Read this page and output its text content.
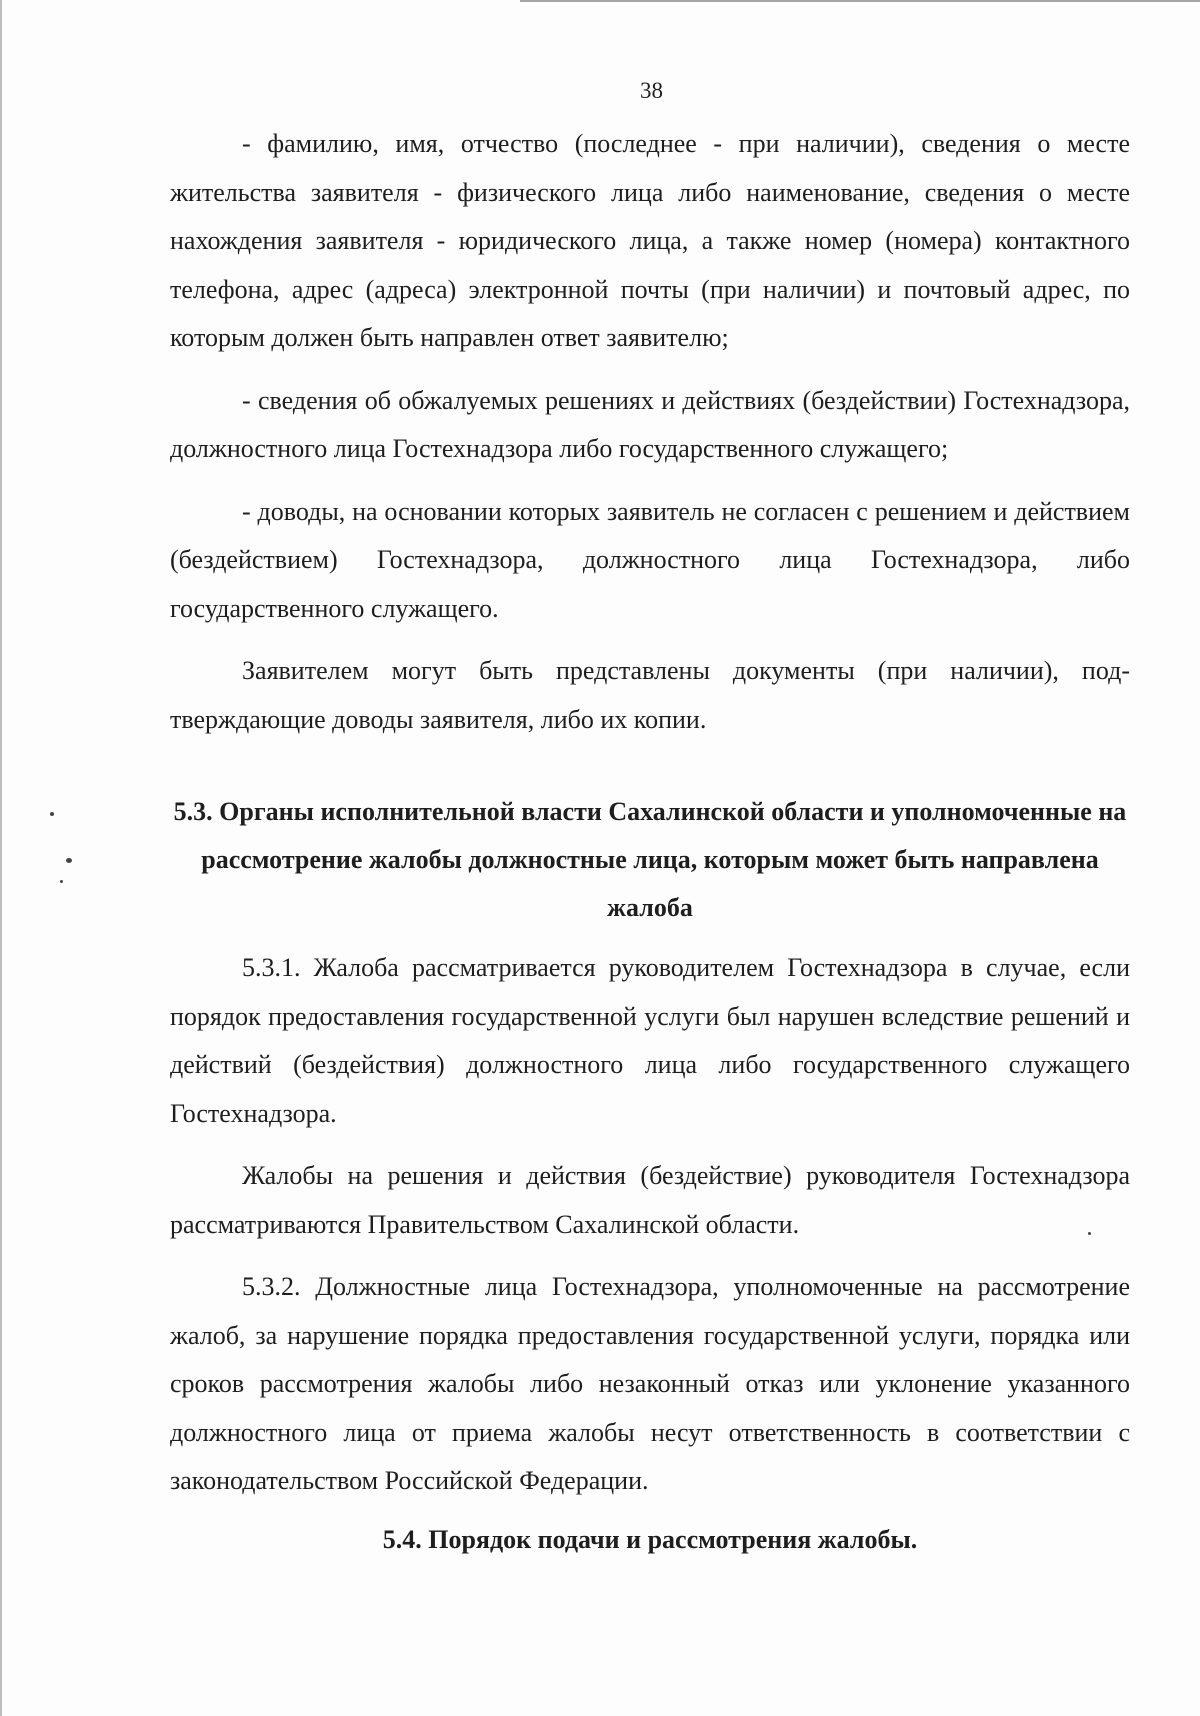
38

- фамилию, имя, отчество (последнее - при наличии), сведения о месте жительства заявителя - физического лица либо наименование, сведения о месте нахождения заявителя - юридического лица, а также номер (номера) контактного телефона, адрес (адреса) электронной почты (при наличии) и почтовый адрес, по которым должен быть направлен ответ заявителю;

- сведения об обжалуемых решениях и действиях (бездействии) Гостехнадзора, должностного лица Гостехнадзора либо государственного служащего;

- доводы, на основании которых заявитель не согласен с решением и действием (бездействием) Гостехнадзора, должностного лица Гостехнадзора, либо государственного служащего.

Заявителем могут быть представлены документы (при наличии), подтверждающие доводы заявителя, либо их копии.

5.3. Органы исполнительной власти Сахалинской области и уполномоченные на рассмотрение жалобы должностные лица, которым может быть направлена жалоба

5.3.1. Жалоба рассматривается руководителем Гостехнадзора в случае, если порядок предоставления государственной услуги был нарушен вследствие решений и действий (бездействия) должностного лица либо государственного служащего Гостехнадзора.

Жалобы на решения и действия (бездействие) руководителя Гостехнадзора рассматриваются Правительством Сахалинской области.

5.3.2. Должностные лица Гостехнадзора, уполномоченные на рассмотрение жалоб, за нарушение порядка предоставления государственной услуги, порядка или сроков рассмотрения жалобы либо незаконный отказ или уклонение указанного должностного лица от приема жалобы несут ответственность в соответствии с законодательством Российской Федерации.

5.4. Порядок подачи и рассмотрения жалобы.
